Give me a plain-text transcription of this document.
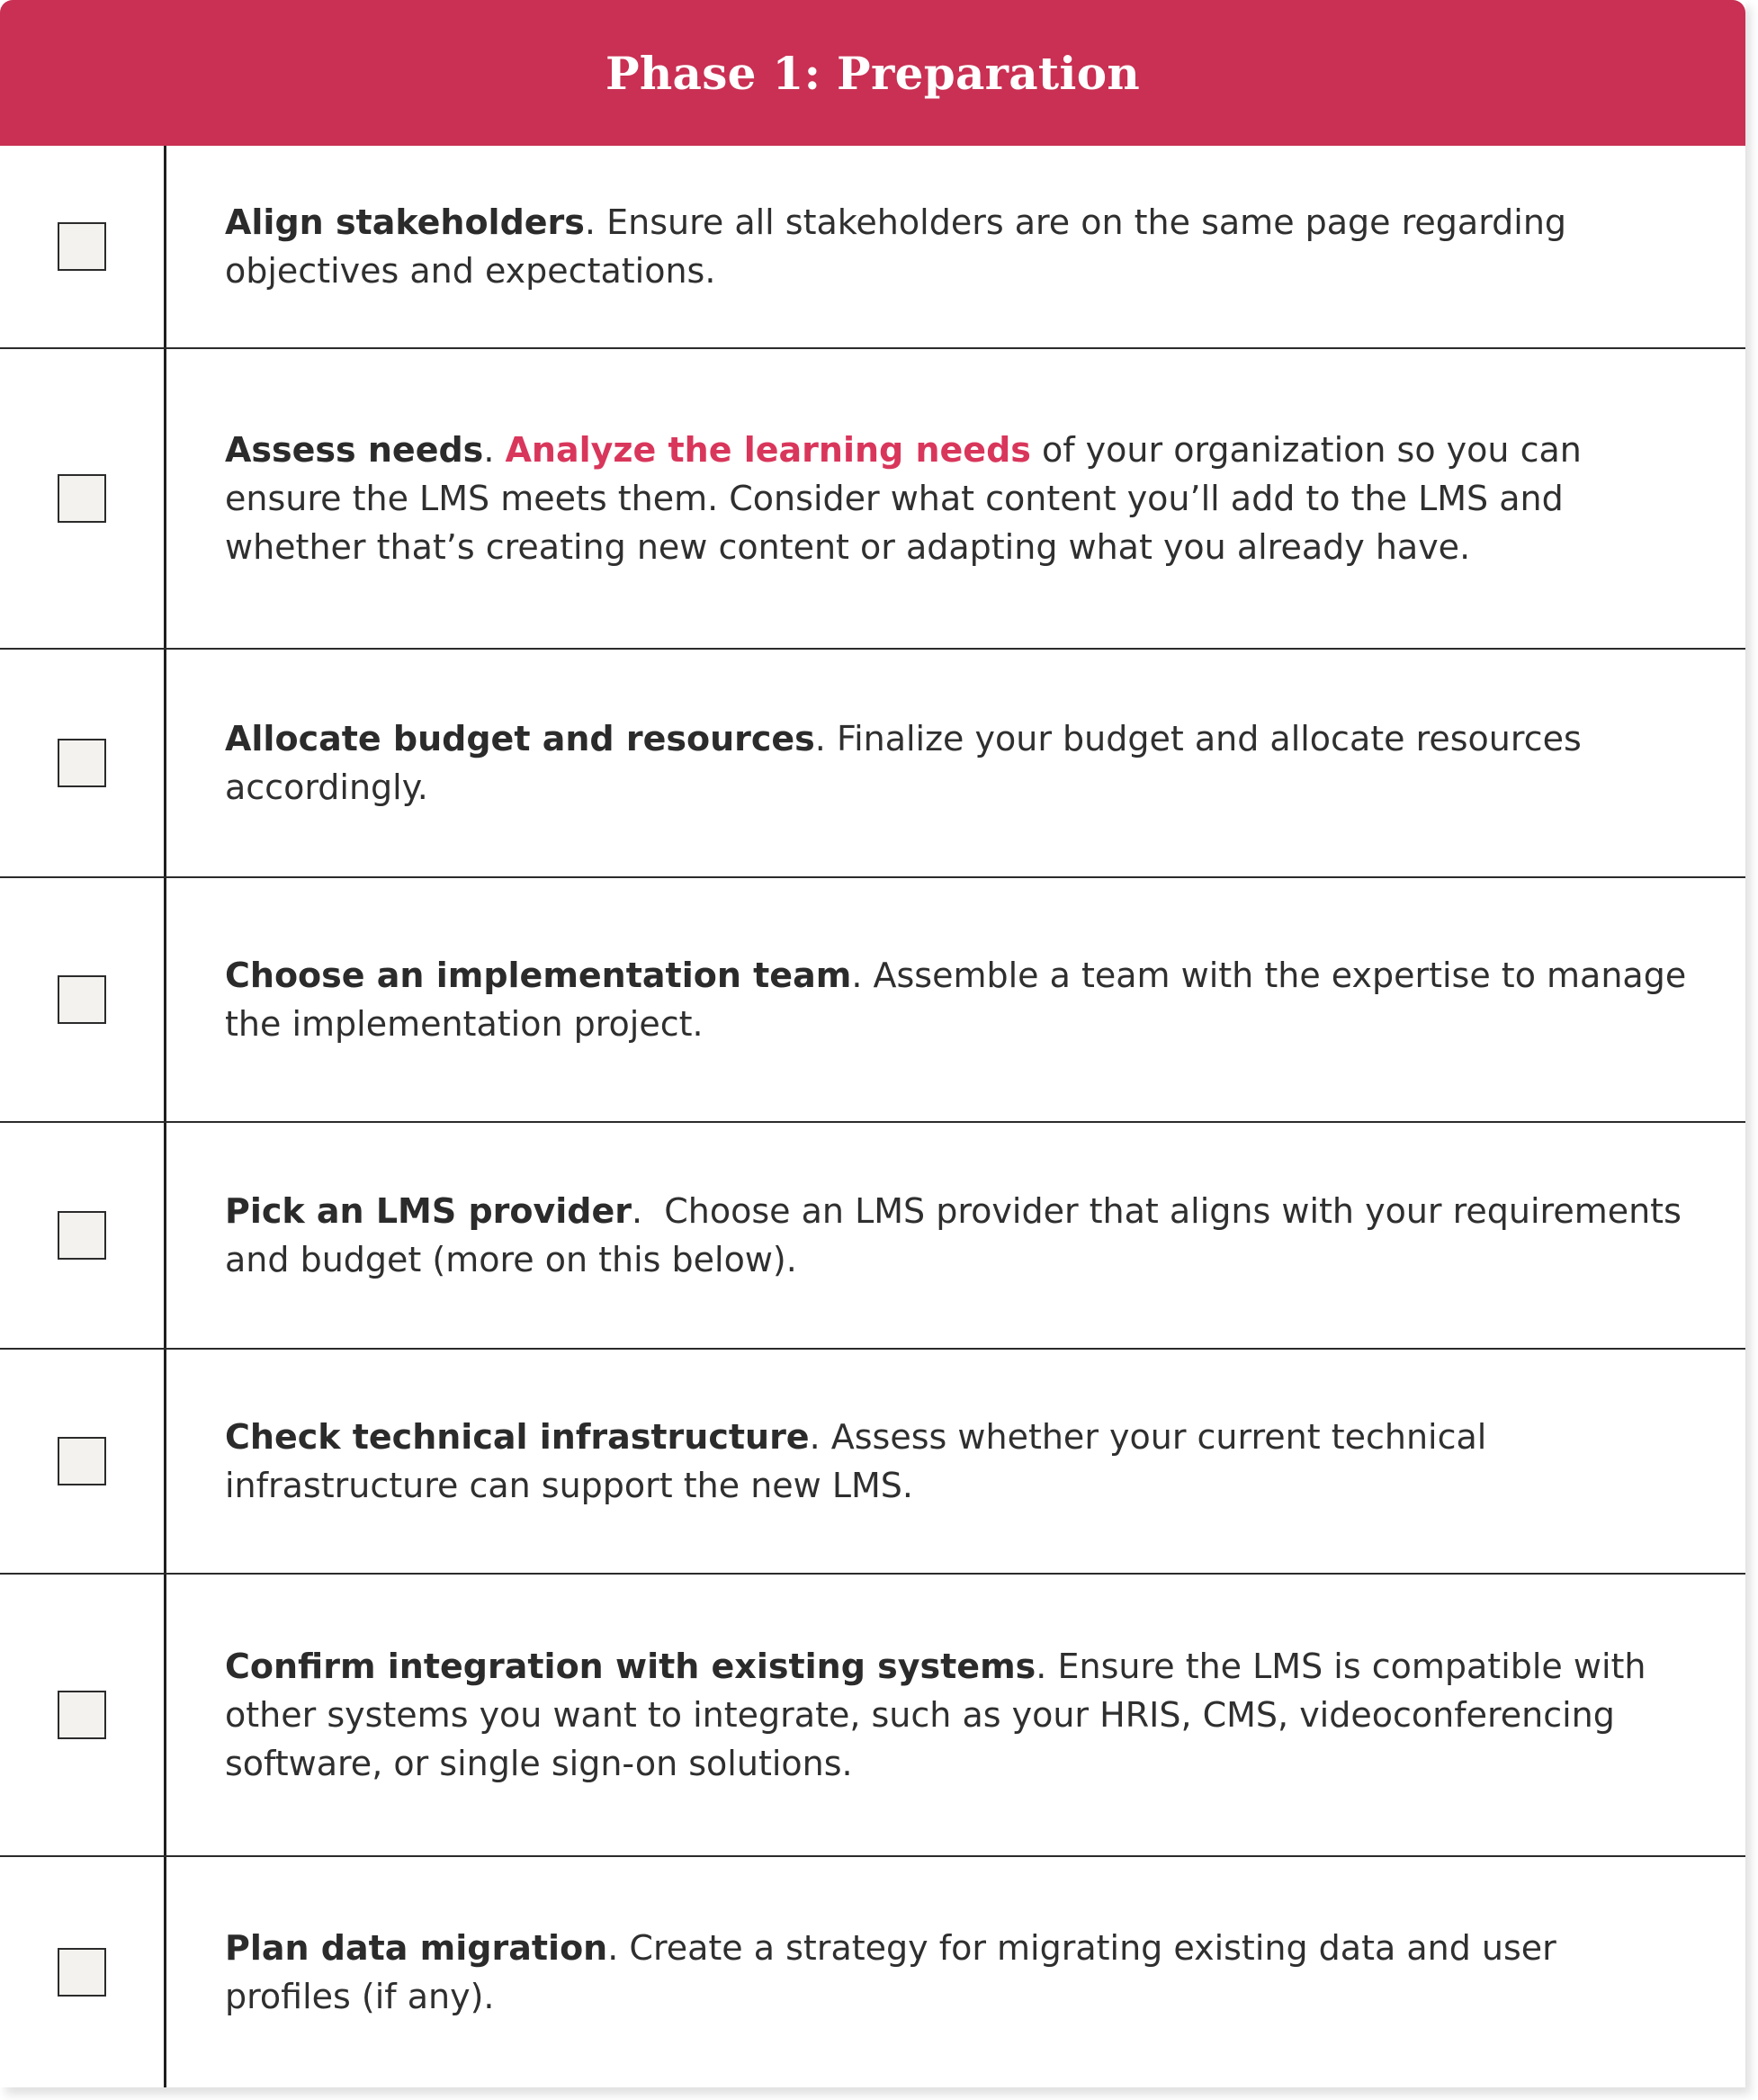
Phase 1: Preparation
Align stakeholders. Ensure all stakeholders are on the same page regarding objectives and expectations.
Assess needs. Analyze the learning needs of your organization so you can ensure the LMS meets them. Consider what content you’ll add to the LMS and whether that’s creating new content or adapting what you already have.
Allocate budget and resources. Finalize your budget and allocate resources accordingly.
Choose an implementation team. Assemble a team with the expertise to manage the implementation project.
Pick an LMS provider.  Choose an LMS provider that aligns with your requirements and budget (more on this below).
Check technical infrastructure. Assess whether your current technical infrastructure can support the new LMS.
Confirm integration with existing systems. Ensure the LMS is compatible with other systems you want to integrate, such as your HRIS, CMS, videoconferencing software, or single sign-on solutions.
Plan data migration. Create a strategy for migrating existing data and user profiles (if any).
